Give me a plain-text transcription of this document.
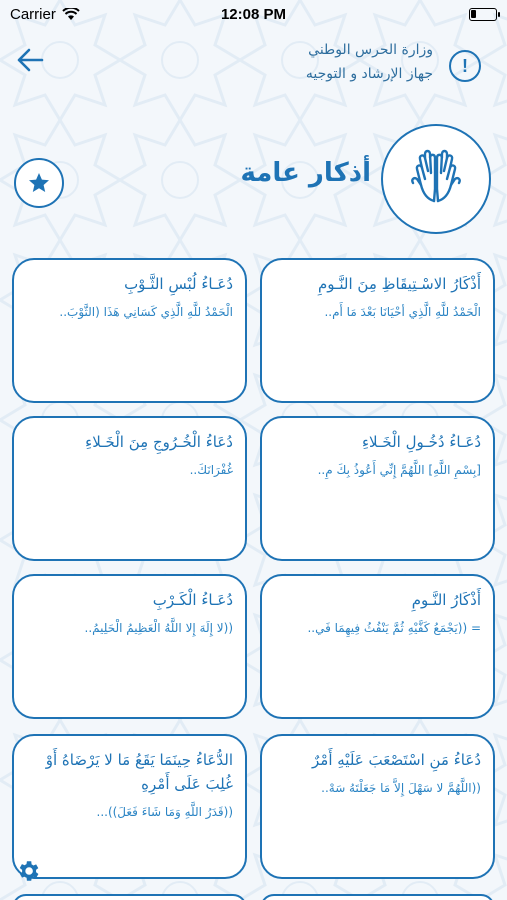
Carrier	12:08 PM
وزارة الحرس الوطني
جهاز الإرشاد و التوجيه !
أذكار عامة
أَذْكَارُ الاسْـتِيقَاظِ مِنَ النَّـومِ
الْحَمْدُ للَّهِ الَّذِي أحْيَانَا بَعْدَ مَا أَم..
دُعَـاءُ لُبْسِ الثَّـوْبِ
الْحَمْدُ للَّهِ الَّذِي كَسَانِي هَذَا (الثَّوْبَ..
دُعَـاءُ دُخُـولِ الْخَـلاءِ
[بِسْمِ اللَّهِ] اللَّهُمَّ إِنِّي أَعُوذُ بِكَ مِ..
دُعَاءُ الْخُـرُوجِ مِنَ الْخَـلاءِ
غُفْرَانَكَ..
أَذْكَارُ النَّـومِ
= ((يَجْمَعُ كَفَّيْهِ ثُمَّ يَنْفُثُ فِيهِمَا فَي..
دُعَـاءُ الْكَـرْبِ
((لا إِلَهَ إِلا اللَّهُ الْعَظِيمُ الْحَلِيمُ..
دُعَاءُ مَنِ اسْتَصْعَبَ عَلَيْهِ أَمْرٌ
((اللَّهُمَّ لا سَهْلَ إِلاَّ مَا جَعَلْتَهُ سَهْ..
الدُّعَاءُ حِينَمَا يَقَعُ مَا لا يَرْضَاهُ أَوْ غُلِبَ عَلَى أَمْرِهِ
((قَدَرُ اللَّهِ وَمَا شَاءَ فَعَلَ))...
